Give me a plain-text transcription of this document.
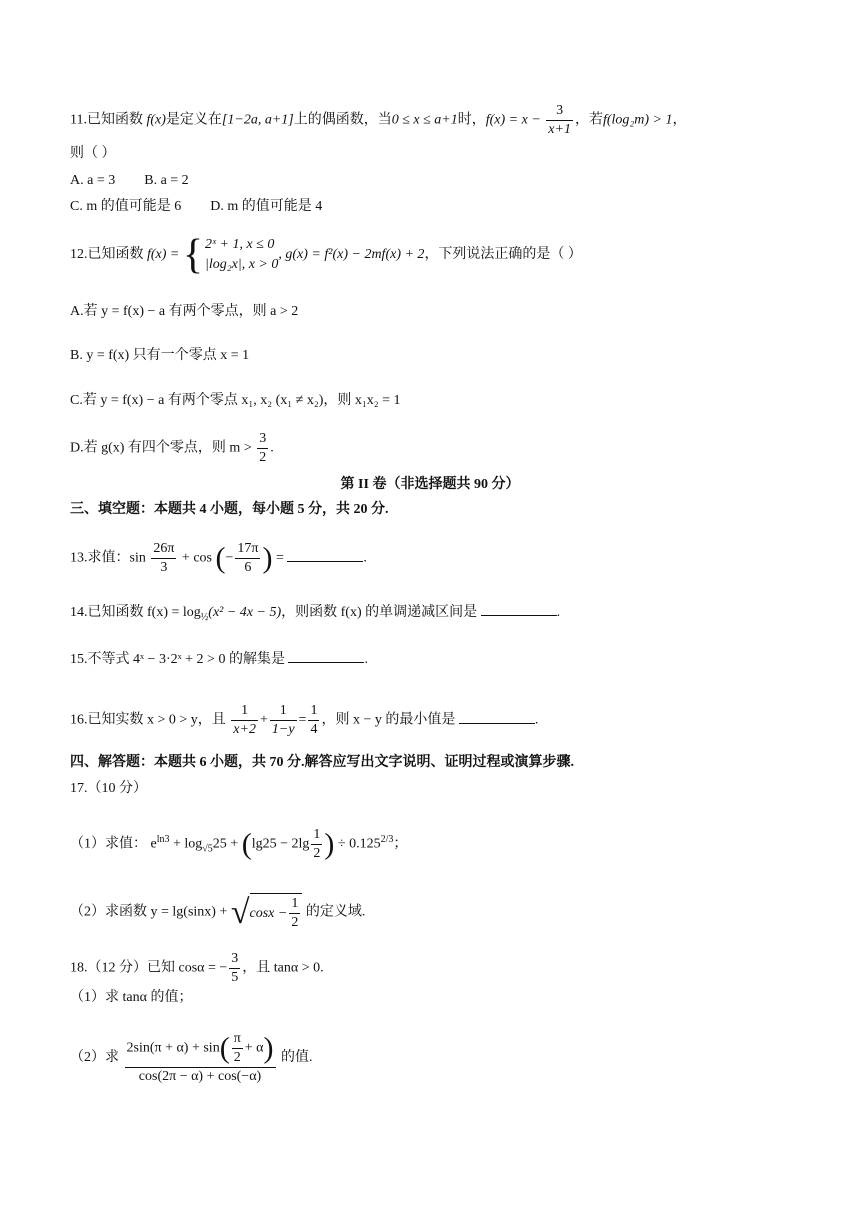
11.已知函数 f(x)是定义在[1−2a, a+1]上的偶函数，当0 ≤ x ≤ a+1时，$f(x) = x - \frac{3}{x+1}$ ，若f(log₂m) > 1，
则（ ）
A. a = 3 B. a = 2
C. m 的值可能是 6 D. m 的值可能是 4
12.已知函数 f(x) = { 2ˣ + 1, x ≤ 0
|log₂x|, x > 0
, g(x) = f²(x) − 2mf(x) + 2，下列说法正确的是（ ）
A.若 y = f(x) − a 有两个零点，则 a > 2
B. y = f(x) 只有一个零点 x = 1
C.若 y = f(x) − a 有两个零点 x₁, x₂ (x₁ ≠ x₂)，则 x₁x₂ = 1
D.若 g(x) 有四个零点，则 $m > \frac{3}{2}$ .
第 II 卷（非选择题共 90 分）
三、填空题：本题共 4 小题，每小题 5 分，共 20 分.
13.求值：$\sin \frac{26\pi}{3} + \cos$ (− $\frac{17\pi}{6}$ ) =	.
14.已知函数 $f(x) = \log_{\frac{1}{2}}(x^2 - 4x - 5)$，则函数 f(x) 的单调递减区间是	.
15.不等式 4ˣ − 3·2ˣ + 2 > 0 的解集是	.
16.已知实数 x > 0 > y，且 $\frac{1}{x+2} + \frac{1}{1-y} = \frac{1}{4}$ ，则 x − y 的最小值是	.
四、解答题：本题共 6 小题，共 70 分.解答应写出文字说明、证明过程或演算步骤.
17.（10 分）
（1）求值： $e^{ln3} + \log_{√5}25 + (\lg 25 - 2\lg \frac{1}{2}$ ) ÷ $0.125^{2/3}$；
（2）求函数 y = lg(sinx) + √ $\cos x - \frac{1}{2}$ 的定义域.
18.（12 分）已知 cosα = − $\frac{3}{5}$ ，且 tanα > 0.
（1）求 tanα 的值；
（2）求 $\frac{2\sin(\pi + \alpha) + \sin( \frac{\pi}{2} + \alpha)}{\cos(2\pi - \alpha) + \cos(-\alpha)}$ 的值.
